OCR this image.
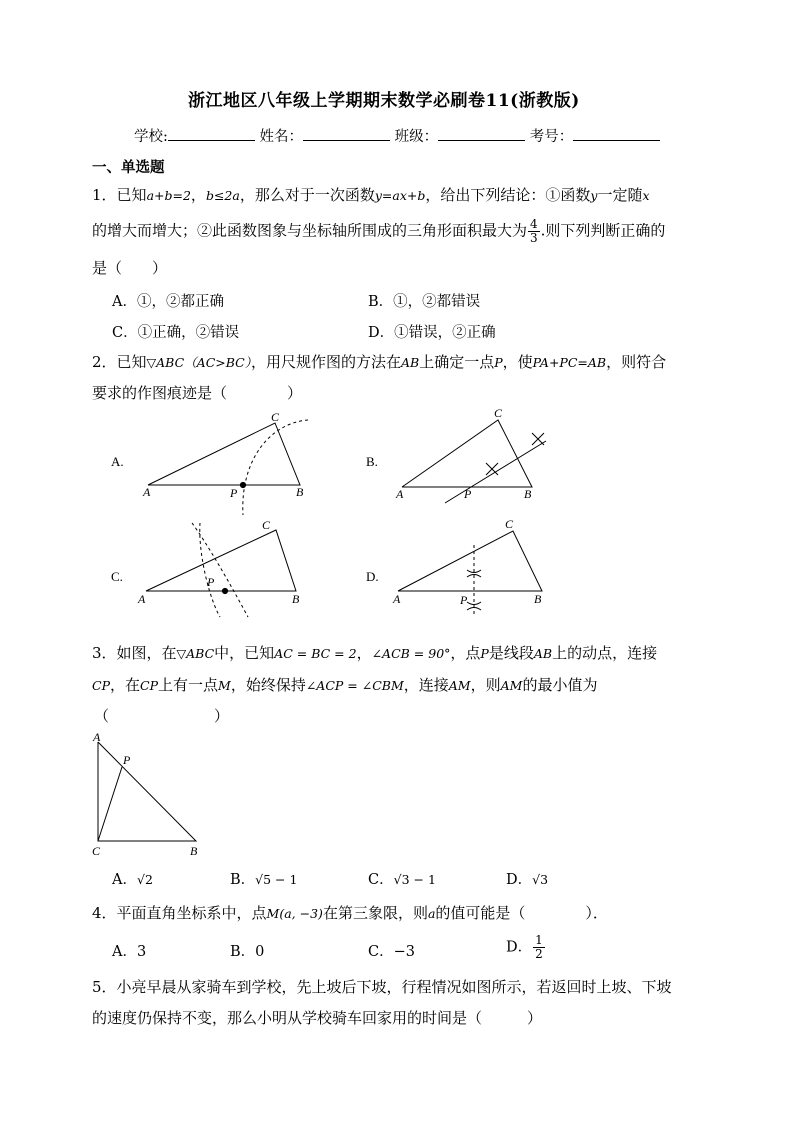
浙江地区八年级上学期期末数学必刷卷11(浙教版)
学校:	姓名：	班级：	考号：
一、单选题
1．已知a+b=2，b≤2a，那么对于一次函数y=ax+b，给出下列结论：①函数y一定随x
的增大而增大；②此函数图象与坐标轴所围成的三角形面积最大为 $\frac{4}{3}$ .则下列判断正确的
是（　　）
A．①，②都正确	B．①，②都错误
C．①正确，②错误	D．①错误，②正确
2．已知▽ABC（AC>BC），用尺规作图的方法在AB上确定一点P，使PA+PC=AB，则符合
要求的作图痕迹是（　　　　）
A.
A
C
B
P
B.
A
C
B
P
C.
A
C
B
P	D.
A
C
B
P
3．如图，在▽ABC中，已知AC = BC = 2，∠ACB = 90°，点P是线段AB上的动点，连接
CP，在CP上有一点M，始终保持∠ACP = ∠CBM，连接AM，则AM的最小值为
（　　　　　　　）
A
P
C	B
A．√2	B．√5 − 1	C．√3 − 1	D．√3
4．平面直角坐标系中，点M(a, −3)在第三象限，则a的值可能是（　　　　）．
A．3	B．0	C．−3	D． $\frac{1}{2}$
5．小亮早晨从家骑车到学校，先上坡后下坡，行程情况如图所示，若返回时上坡、下坡
的速度仍保持不变，那么小明从学校骑车回家用的时间是（　　　）
